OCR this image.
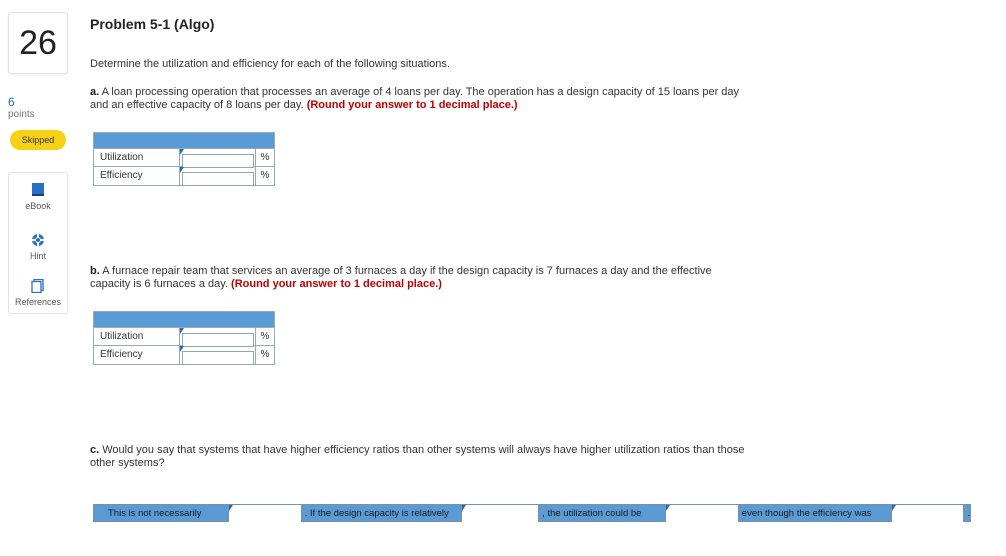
26
6
points
Skipped
eBook
Hint
References
Problem 5-1 (Algo)
Determine the utilization and efficiency for each of the following situations.
a. A loan processing operation that processes an average of 4 loans per day. The operation has a design capacity of 15 loans per day
and an effective capacity of 8 loans per day. (Round your answer to 1 decimal place.)
Utilization	%
Efficiency	%
b. A furnace repair team that services an average of 3 furnaces a day if the design capacity is 7 furnaces a day and the effective
capacity is 6 furnaces a day. (Round your answer to 1 decimal place.)
Utilization	%
Efficiency	%
c. Would you say that systems that have higher efficiency ratios than other systems will always have higher utilization ratios than those
other systems?
This is not necessarily	. If the design capacity is relatively	, the utilization could be	even though the efficiency was	.
